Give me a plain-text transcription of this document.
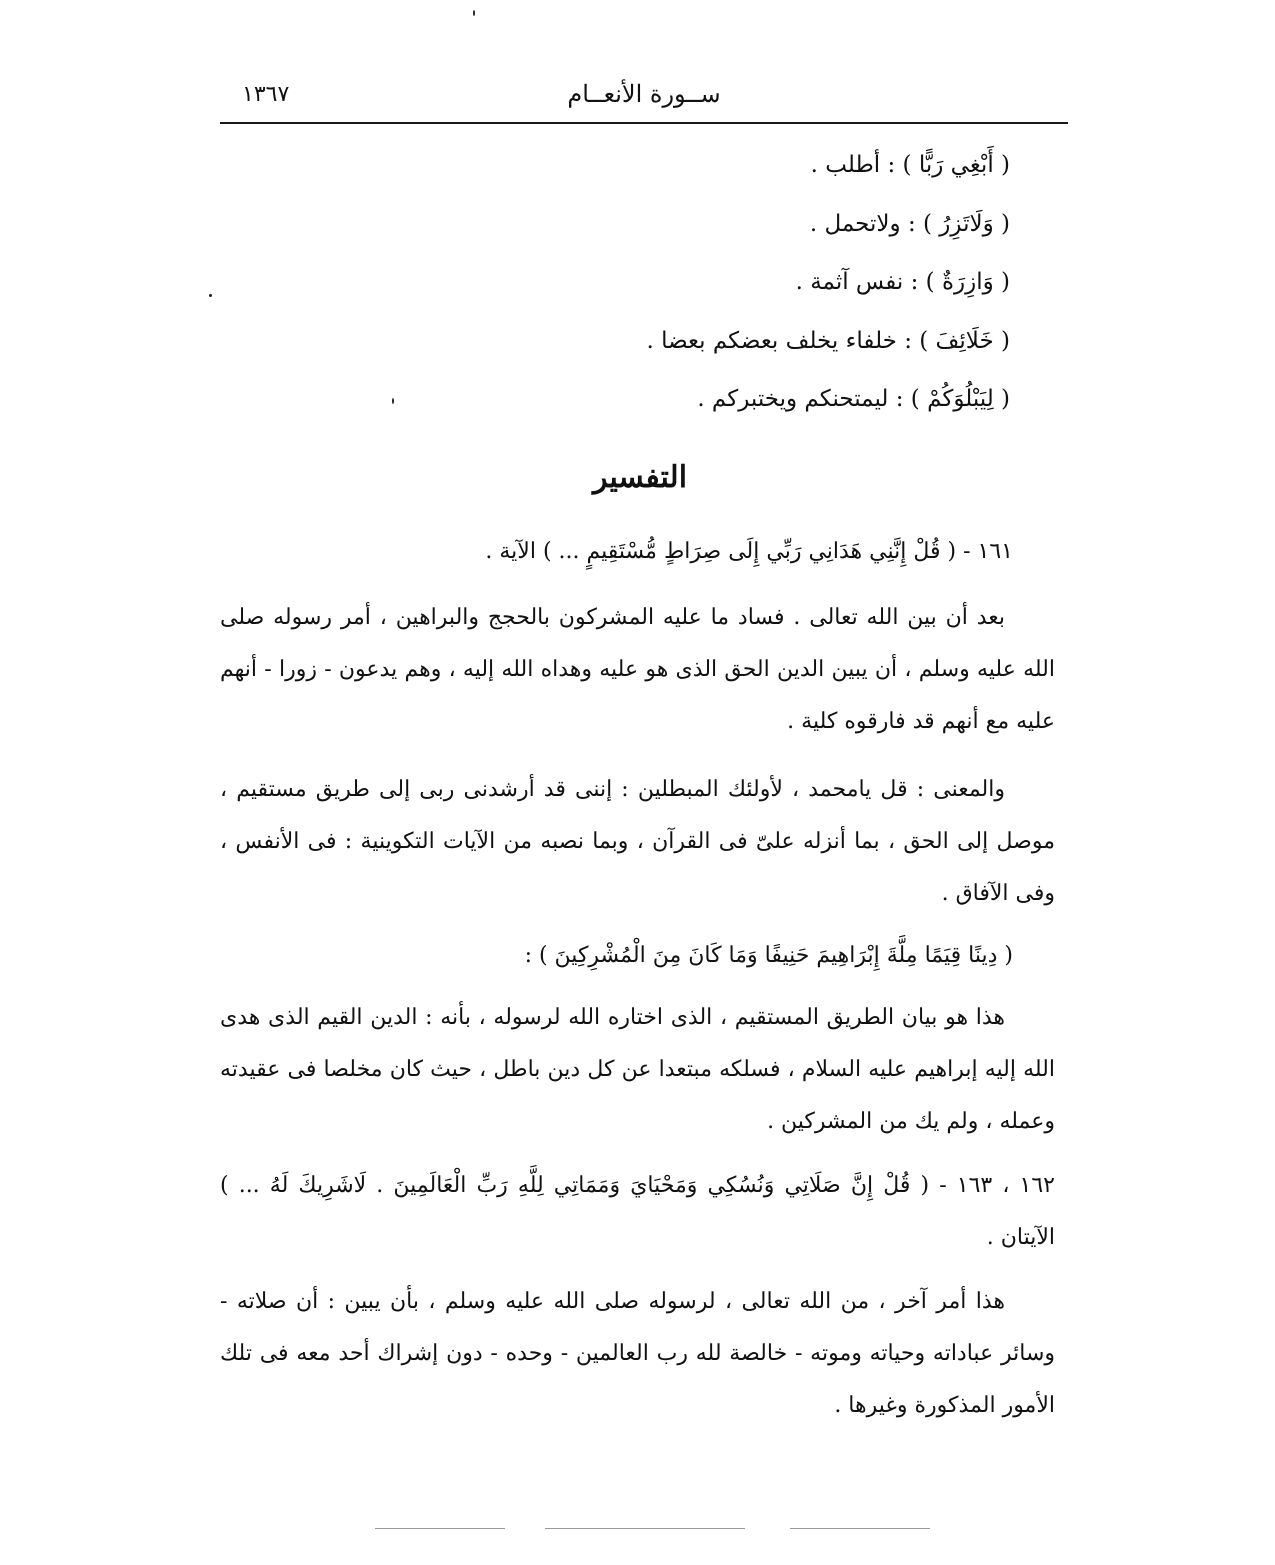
ســورة الأنعــام
١٣٦٧
( أَبْغِي رَبًّا ) : أطلب .
( وَلَاتَزِرُ ) : ولاتحمل .
( وَازِرَةٌ ) : نفس آثمة .
( خَلَائِفَ ) : خلفاء يخلف بعضكم بعضا .
( لِيَبْلُوَكُمْ ) : ليمتحنكم ويختبركم .
التفسير

١٦١ - ( قُلْ إِنَّنِي هَدَانِي رَبِّي إِلَى صِرَاطٍ مُّسْتَقِيمٍ ... ) الآية .

بعد أن بين الله تعالى . فساد ما عليه المشركون بالحجج والبراهين ، أمر رسوله صلى الله عليه وسلم ، أن يبين الدين الحق الذى هو عليه وهداه الله إليه ، وهم يدعون - زورا - أنهم عليه مع أنهم قد فارقوه كلية .

والمعنى : قل يامحمد ، لأولئك المبطلين : إننى قد أرشدنى ربى إلى طريق مستقيم ، موصل إلى الحق ، بما أنزله علىّ فى القرآن ، وبما نصبه من الآيات التكوينية : فى الأنفس ، وفى الآفاق .

( دِينًا قِيَمًا مِلَّةَ إِبْرَاهِيمَ حَنِيفًا وَمَا كَانَ مِنَ الْمُشْرِكِينَ ) :

هذا هو بيان الطريق المستقيم ، الذى اختاره الله لرسوله ، بأنه : الدين القيم الذى هدى الله إليه إبراهيم عليه السلام ، فسلكه مبتعدا عن كل دين باطل ، حيث كان مخلصا فى عقيدته وعمله ، ولم يك من المشركين .

١٦٢ ، ١٦٣ - ( قُلْ إِنَّ صَلَاتِي وَنُسُكِي وَمَحْيَايَ وَمَمَاتِي لِلَّهِ رَبِّ الْعَالَمِينَ . لَاشَرِيكَ لَهُ ... ) الآيتان .

هذا أمر آخر ، من الله تعالى ، لرسوله صلى الله عليه وسلم ، بأن يبين : أن صلاته - وسائر عباداته وحياته وموته - خالصة لله رب العالمين - وحده - دون إشراك أحد معه فى تلك الأمور المذكورة وغيرها .
